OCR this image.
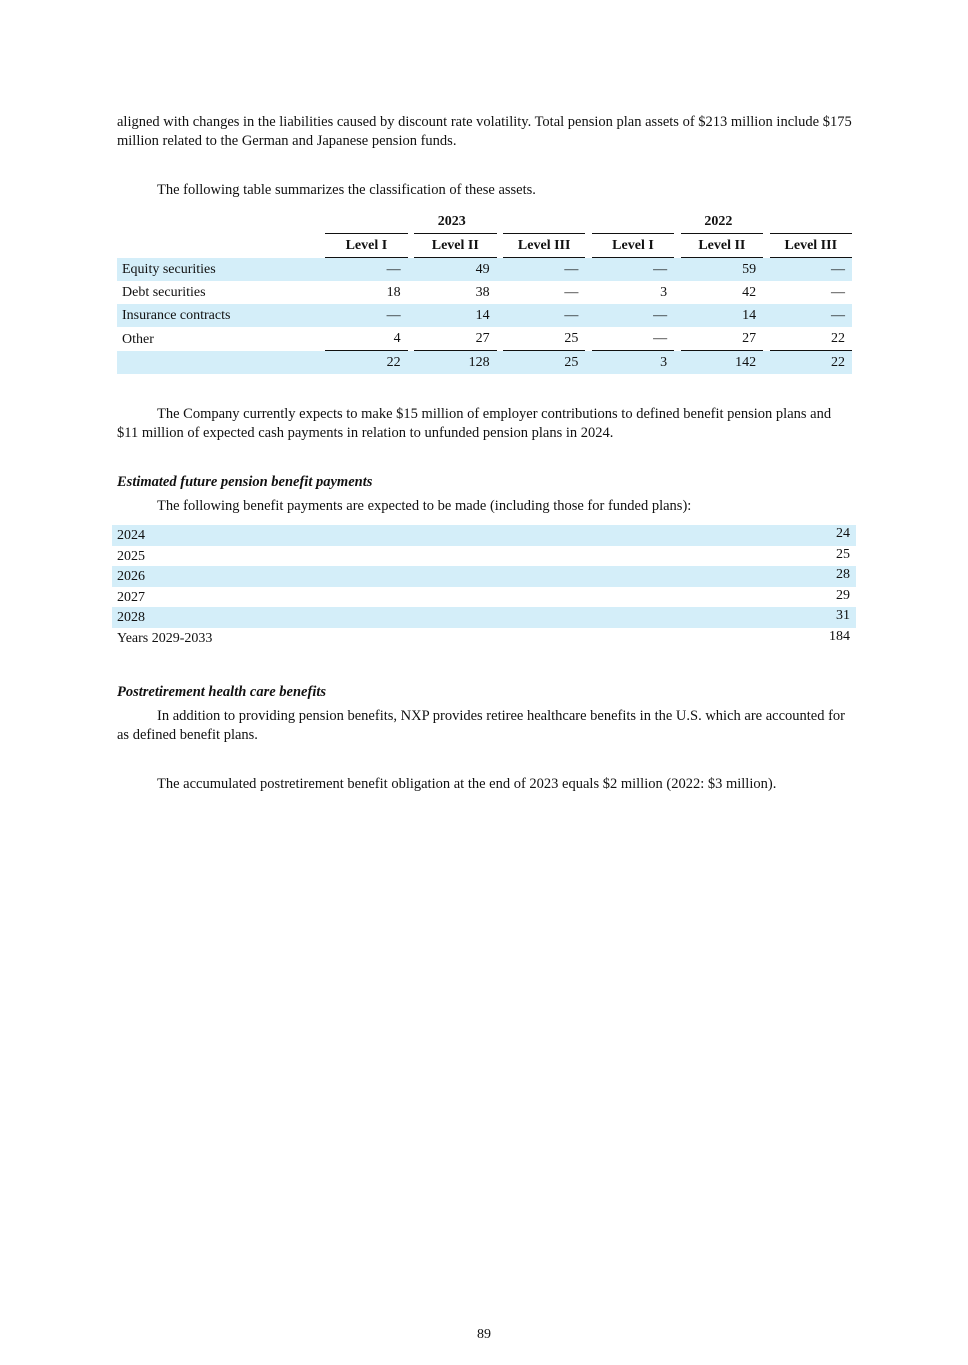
aligned with changes in the liabilities caused by discount rate volatility. Total pension plan assets of $213 million include $175 million related to the German and Japanese pension funds.

The following table summarizes the classification of these assets.

				2023						2022		
		Level I		Level II		Level III		Level I		Level II		Level III
Equity securities		—		49		—		—		59		—
Debt securities		18		38		—		3		42		—
Insurance contracts		—		14		—		—		14		—
Other		4		27		25		—		27		22
		22		128		25		3		142		22

The Company currently expects to make $15 million of employer contributions to defined benefit pension plans and $11 million of expected cash payments in relation to unfunded pension plans in 2024.

Estimated future pension benefit payments

The following benefit payments are expected to be made (including those for funded plans):

2024	24
2025	25
2026	28
2027	29
2028	31
Years 2029-2033	184

Postretirement health care benefits

In addition to providing pension benefits, NXP provides retiree healthcare benefits in the U.S. which are accounted for as defined benefit plans.

The accumulated postretirement benefit obligation at the end of 2023 equals $2 million (2022: $3 million).

89
